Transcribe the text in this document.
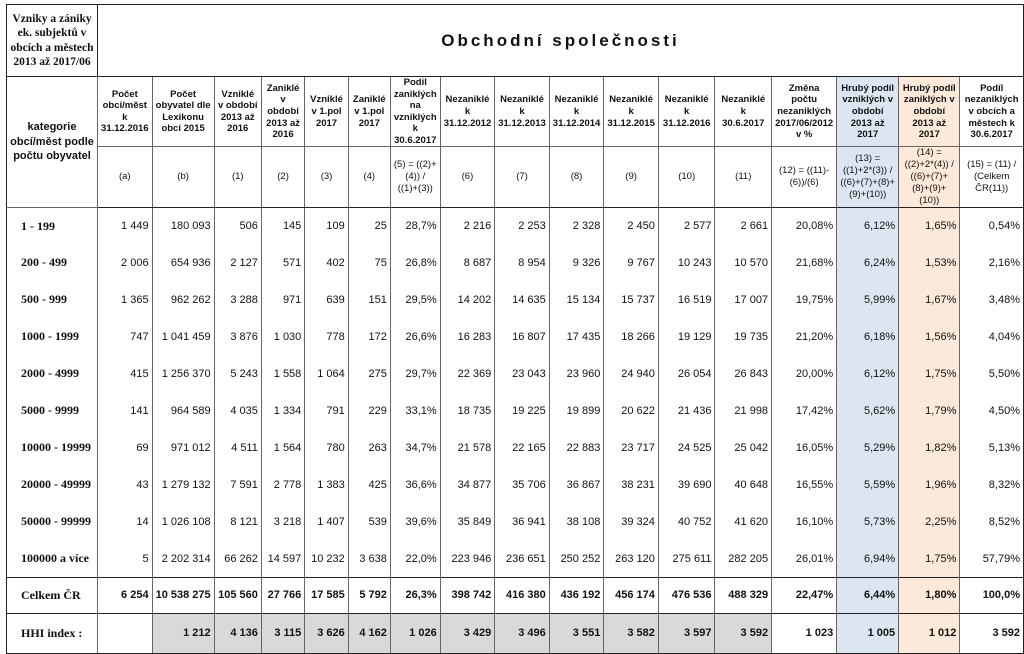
Vzniky a zániky ek. subjektů v obcích a městech 2013 až 2017/06	Obchodní společnosti																
kategorie obcí/měst podle počtu obyvatel	Počet obcí/měst k 31.12.2016	Počet obyvatel dle Lexikonu obcí 2015	Vzniklé v období 2013 až 2016	Zaniklé v období 2013 až 2016	Vzniklé v 1.pol 2017	Zaniklé v 1.pol 2017	Podíl zaniklých na vzniklých k 30.6.2017	Nezaniklé k 31.12.2012	Nezaniklé k 31.12.2013	Nezaniklé k 31.12.2014	Nezaniklé k 31.12.2015	Nezaniklé k 31.12.2016	Nezaniklé k 30.6.2017	Změna počtu nezaniklých 2017/06/2012 v %	Hrubý podíl vzniklých v období 2013 až 2017	Hrubý podíl zaniklých v období 2013 až 2017	Podíl nezaniklých v obcích a městech k 30.6.2017
	(a)	(b)	(1)	(2)	(3)	(4)	(5) = ((2)+(4)) / ((1)+(3))	(6)	(7)	(8)	(9)	(10)	(11)	(12) = ((11)-(6))/(6)	(13) = ((1)+2*(3)) / ((6)+(7)+(8)+(9)+(10))	(14) = ((2)+2*(4)) / ((6)+(7)+(8)+(9)+(10))	(15) = (11) / (Celkem ČR(11))
1 - 199	1 449	180 093	506	145	109	25	28,7%	2 216	2 253	2 328	2 450	2 577	2 661	20,08%	6,12%	1,65%	0,54%
200 - 499	2 006	654 936	2 127	571	402	75	26,8%	8 687	8 954	9 326	9 767	10 243	10 570	21,68%	6,24%	1,53%	2,16%
500 - 999	1 365	962 262	3 288	971	639	151	29,5%	14 202	14 635	15 134	15 737	16 519	17 007	19,75%	5,99%	1,67%	3,48%
1000 - 1999	747	1 041 459	3 876	1 030	778	172	26,6%	16 283	16 807	17 435	18 266	19 129	19 735	21,20%	6,18%	1,56%	4,04%
2000 - 4999	415	1 256 370	5 243	1 558	1 064	275	29,7%	22 369	23 043	23 960	24 940	26 054	26 843	20,00%	6,12%	1,75%	5,50%
5000 - 9999	141	964 589	4 035	1 334	791	229	33,1%	18 735	19 225	19 899	20 622	21 436	21 998	17,42%	5,62%	1,79%	4,50%
10000 - 19999	69	971 012	4 511	1 564	780	263	34,7%	21 578	22 165	22 883	23 717	24 525	25 042	16,05%	5,29%	1,82%	5,13%
20000 - 49999	43	1 279 132	7 591	2 778	1 383	425	36,6%	34 877	35 706	36 867	38 231	39 690	40 648	16,55%	5,59%	1,96%	8,32%
50000 - 99999	14	1 026 108	8 121	3 218	1 407	539	39,6%	35 849	36 941	38 108	39 324	40 752	41 620	16,10%	5,73%	2,25%	8,52%
100000 a více	5	2 202 314	66 262	14 597	10 232	3 638	22,0%	223 946	236 651	250 252	263 120	275 611	282 205	26,01%	6,94%	1,75%	57,79%
Celkem ČR	6 254	10 538 275	105 560	27 766	17 585	5 792	26,3%	398 742	416 380	436 192	456 174	476 536	488 329	22,47%	6,44%	1,80%	100,0%
HHI index :		1 212	4 136	3 115	3 626	4 162	1 026	3 429	3 496	3 551	3 582	3 597	3 592	1 023	1 005	1 012	3 592
